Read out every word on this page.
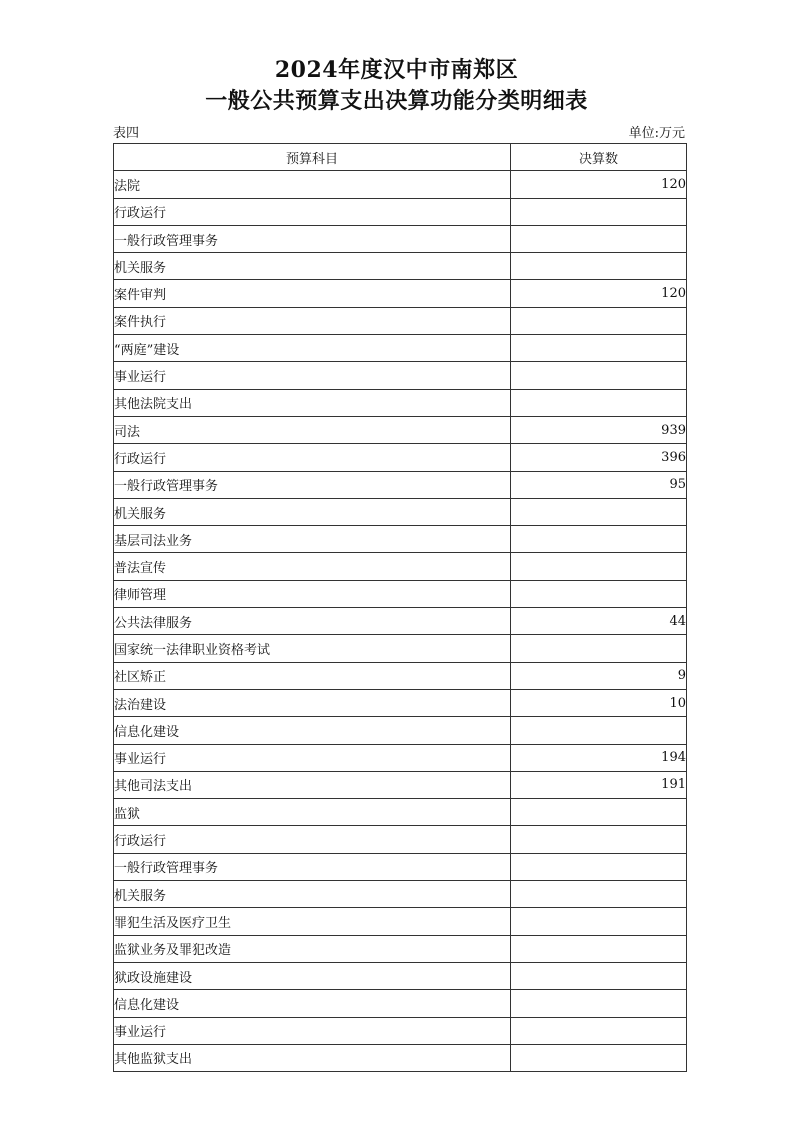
2024年度汉中市南郑区
一般公共预算支出决算功能分类明细表
表四	单位:万元
预算科目	决算数
法院	120
行政运行	
一般行政管理事务	
机关服务	
案件审判	120
案件执行	
“两庭”建设	
事业运行	
其他法院支出	
司法	939
行政运行	396
一般行政管理事务	95
机关服务	
基层司法业务	
普法宣传	
律师管理	
公共法律服务	44
国家统一法律职业资格考试	
社区矫正	9
法治建设	10
信息化建设	
事业运行	194
其他司法支出	191
监狱	
行政运行	
一般行政管理事务	
机关服务	
罪犯生活及医疗卫生	
监狱业务及罪犯改造	
狱政设施建设	
信息化建设	
事业运行	
其他监狱支出	
